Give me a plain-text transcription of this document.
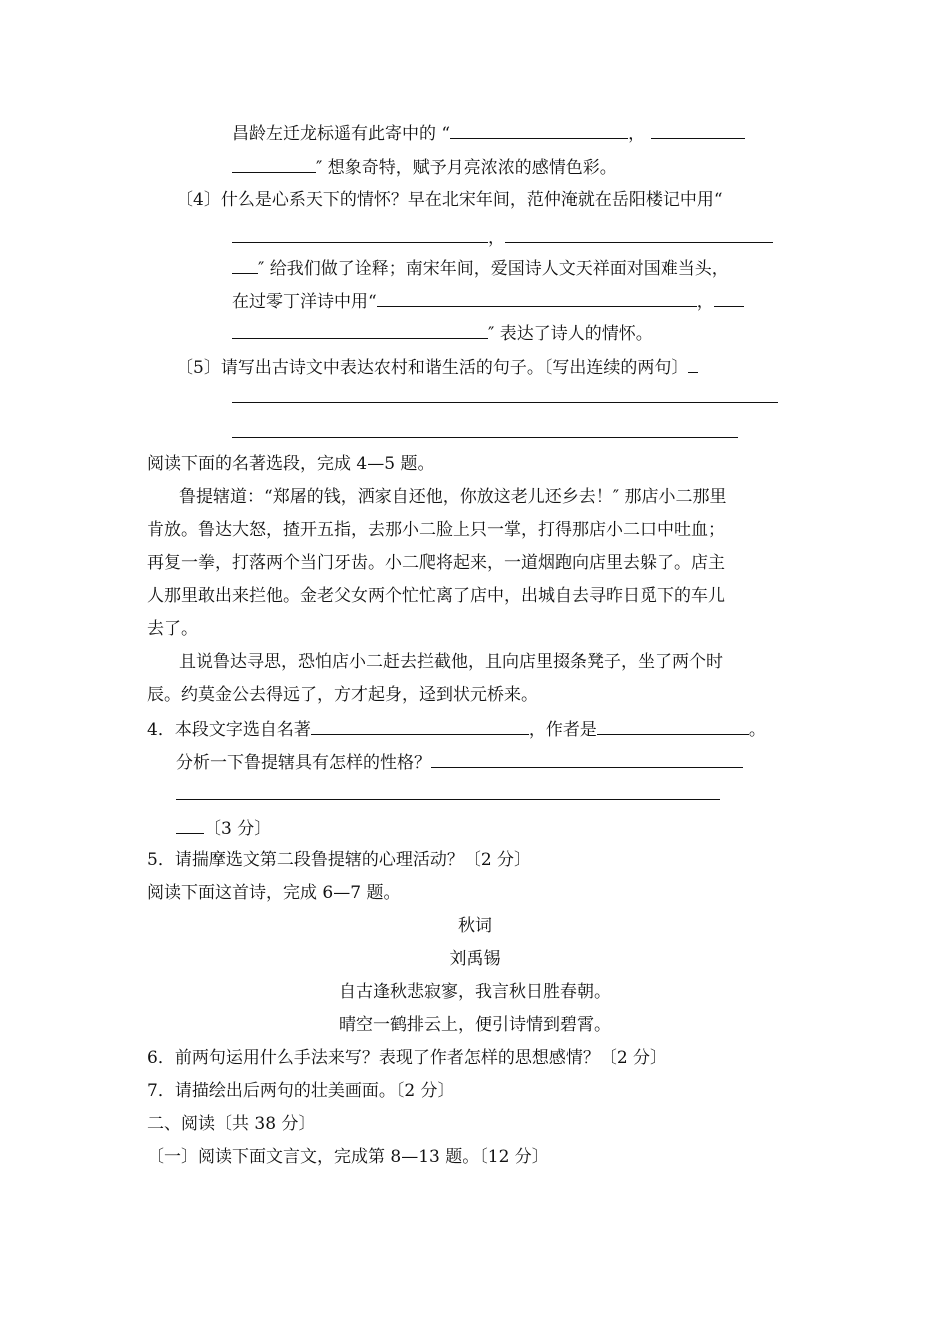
昌龄左迁龙标遥有此寄中的 “	，
″ 想象奇特，赋予月亮浓浓的感情色彩。
〔4〕什么是心系天下的情怀？早在北宋年间，范仲淹就在岳阳楼记中用“
，
″ 给我们做了诠释；南宋年间，爱国诗人文天祥面对国难当头，
在过零丁洋诗中用“	，
″ 表达了诗人的情怀。
〔5〕请写出古诗文中表达农村和谐生活的句子。〔写出连续的两句〕
阅读下面的名著选段，完成 4—5 题。
鲁提辖道：“郑屠的钱，洒家自还他，你放这老儿还乡去！″ 那店小二那里
肯放。鲁达大怒，揸开五指，去那小二脸上只一掌，打得那店小二口中吐血；
再复一拳，打落两个当门牙齿。小二爬将起来，一道烟跑向店里去躲了。店主
人那里敢出来拦他。金老父女两个忙忙离了店中，出城自去寻昨日觅下的车儿
去了。
且说鲁达寻思，恐怕店小二赶去拦截他，且向店里掇条凳子，坐了两个时
辰。约莫金公去得远了，方才起身，迳到状元桥来。
4．本段文字选自名著	，作者是	。
分析一下鲁提辖具有怎样的性格？
〔3 分〕
5．请揣摩选文第二段鲁提辖的心理活动？〔2 分〕
阅读下面这首诗，完成 6—7 题。
秋词
刘禹锡
自古逢秋悲寂寥，我言秋日胜春朝。
晴空一鹤排云上，便引诗情到碧霄。
6．前两句运用什么手法来写？表现了作者怎样的思想感情？〔2 分〕
7．请描绘出后两句的壮美画面。〔2 分〕
二、阅读〔共 38 分〕
〔一〕阅读下面文言文，完成第 8—13 题。〔12 分〕
